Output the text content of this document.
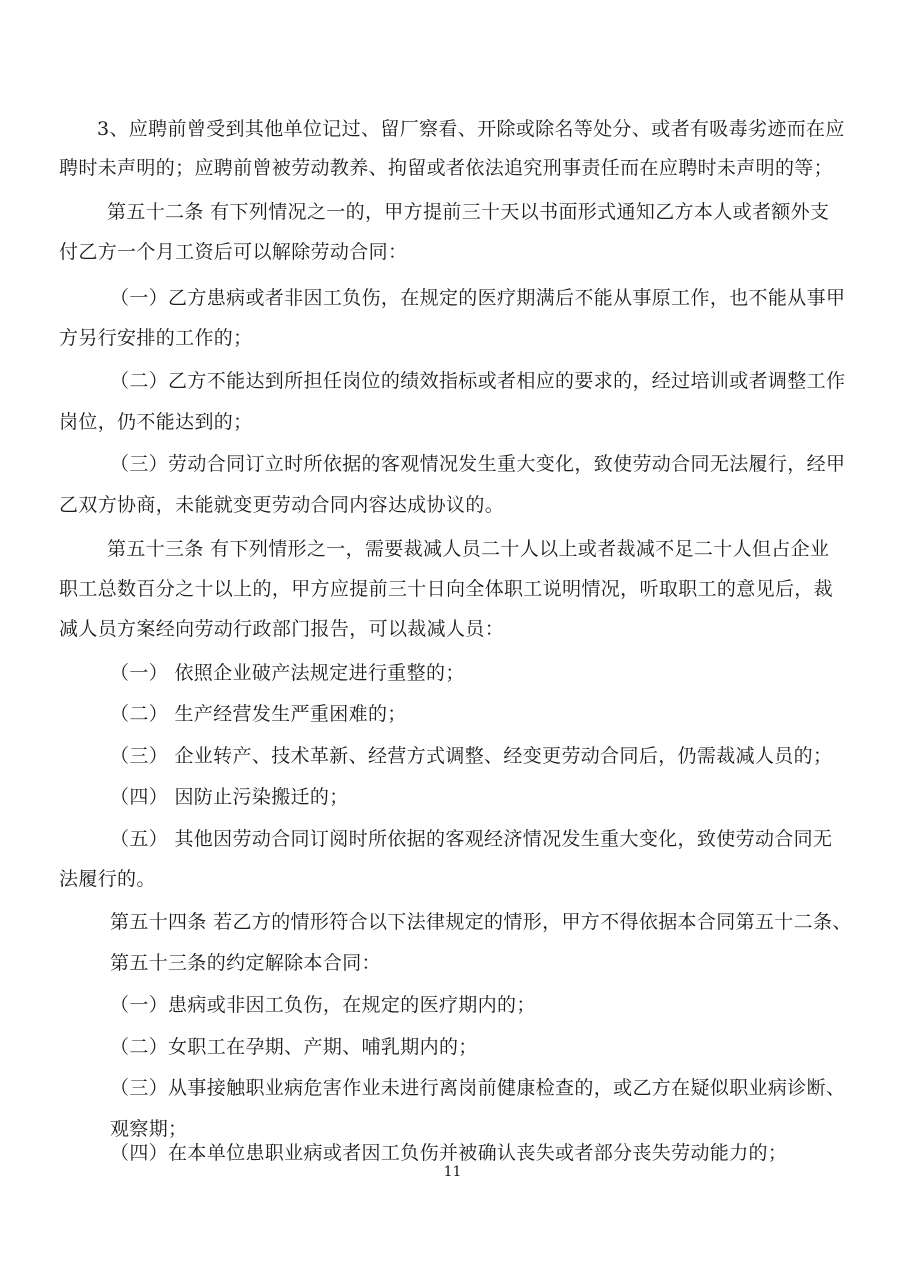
3、应聘前曾受到其他单位记过、留厂察看、开除或除名等处分、或者有吸毒劣迹而在应
聘时未声明的；应聘前曾被劳动教养、拘留或者依法追究刑事责任而在应聘时未声明的等；
第五十二条 有下列情况之一的，甲方提前三十天以书面形式通知乙方本人或者额外支
付乙方一个月工资后可以解除劳动合同：
（一）乙方患病或者非因工负伤，在规定的医疗期满后不能从事原工作，也不能从事甲
方另行安排的工作的；
（二）乙方不能达到所担任岗位的绩效指标或者相应的要求的，经过培训或者调整工作
岗位，仍不能达到的；
（三）劳动合同订立时所依据的客观情况发生重大变化，致使劳动合同无法履行，经甲
乙双方协商，未能就变更劳动合同内容达成协议的。
第五十三条 有下列情形之一，需要裁减人员二十人以上或者裁减不足二十人但占企业
职工总数百分之十以上的，甲方应提前三十日向全体职工说明情况，听取职工的意见后，裁
减人员方案经向劳动行政部门报告，可以裁减人员：
（一） 依照企业破产法规定进行重整的；
（二） 生产经营发生严重困难的；
（三） 企业转产、技术革新、经营方式调整、经变更劳动合同后，仍需裁减人员的；
（四） 因防止污染搬迁的；
（五） 其他因劳动合同订阅时所依据的客观经济情况发生重大变化，致使劳动合同无
法履行的。
第五十四条 若乙方的情形符合以下法律规定的情形，甲方不得依据本合同第五十二条、
第五十三条的约定解除本合同：
（一）患病或非因工负伤，在规定的医疗期内的；
（二）女职工在孕期、产期、哺乳期内的；
（三）从事接触职业病危害作业未进行离岗前健康检查的，或乙方在疑似职业病诊断、
观察期；
（四）在本单位患职业病或者因工负伤并被确认丧失或者部分丧失劳动能力的；
11
